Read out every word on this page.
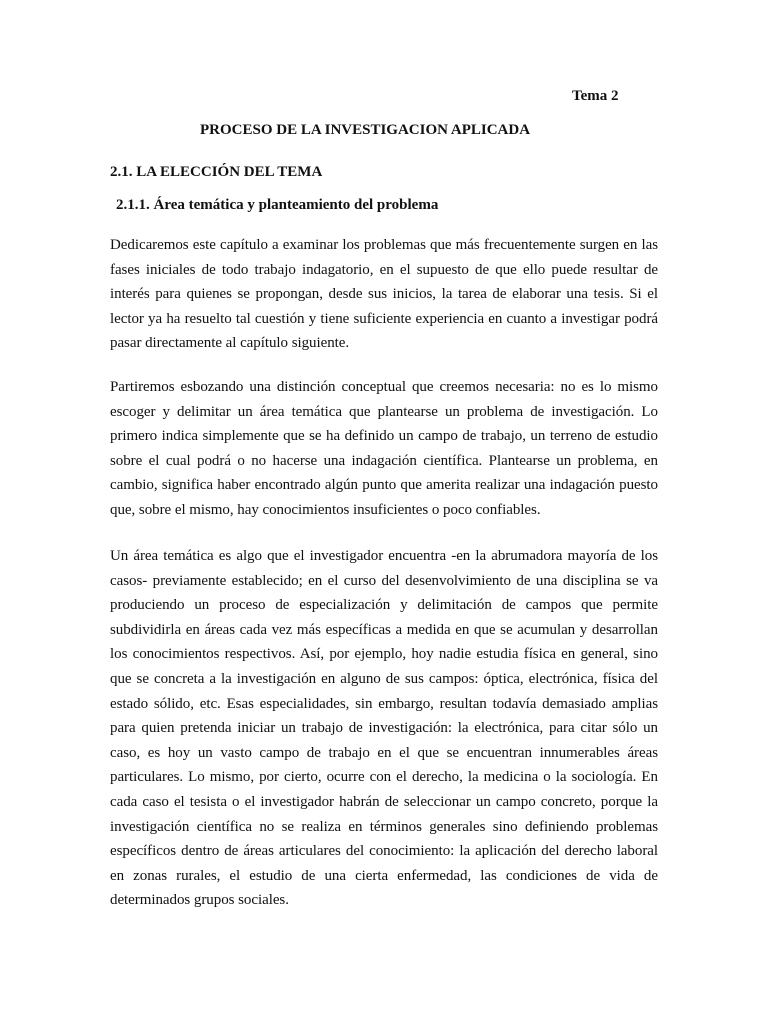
Tema 2
PROCESO DE LA INVESTIGACION APLICADA
2.1. LA ELECCIÓN DEL TEMA
2.1.1. Área temática y planteamiento del problema

Dedicaremos este capítulo a examinar los problemas que más frecuentemente surgen en las fases iniciales de todo trabajo indagatorio, en el supuesto de que ello puede resultar de interés para quienes se propongan, desde sus inicios, la tarea de elaborar una tesis. Si el lector ya ha resuelto tal cuestión y tiene suficiente experiencia en cuanto a investigar podrá pasar directamente al capítulo siguiente.

Partiremos esbozando una distinción conceptual que creemos necesaria: no es lo mismo escoger y delimitar un área temática que plantearse un problema de investigación. Lo primero indica simplemente que se ha definido un campo de trabajo, un terreno de estudio sobre el cual podrá o no hacerse una indagación científica. Plantearse un problema, en cambio, significa haber encontrado algún punto que amerita realizar una indagación puesto que, sobre el mismo, hay conocimientos insuficientes o poco confiables.

Un área temática es algo que el investigador encuentra -en la abrumadora mayoría de los casos- previamente establecido; en el curso del desenvolvimiento de una disciplina se va produciendo un proceso de especialización y delimitación de campos que permite subdividirla en áreas cada vez más específicas a medida en que se acumulan y desarrollan los conocimientos respectivos. Así, por ejemplo, hoy nadie estudia física en general, sino que se concreta a la investigación en alguno de sus campos: óptica, electrónica, física del estado sólido, etc. Esas especialidades, sin embargo, resultan todavía demasiado amplias para quien pretenda iniciar un trabajo de investigación: la electrónica, para citar sólo un caso, es hoy un vasto campo de trabajo en el que se encuentran innumerables áreas particulares. Lo mismo, por cierto, ocurre con el derecho, la medicina o la sociología. En cada caso el tesista o el investigador habrán de seleccionar un campo concreto, porque la investigación científica no se realiza en términos generales sino definiendo problemas específicos dentro de áreas articulares del conocimiento: la aplicación del derecho laboral en zonas rurales, el estudio de una cierta enfermedad, las condiciones de vida de determinados grupos sociales.
